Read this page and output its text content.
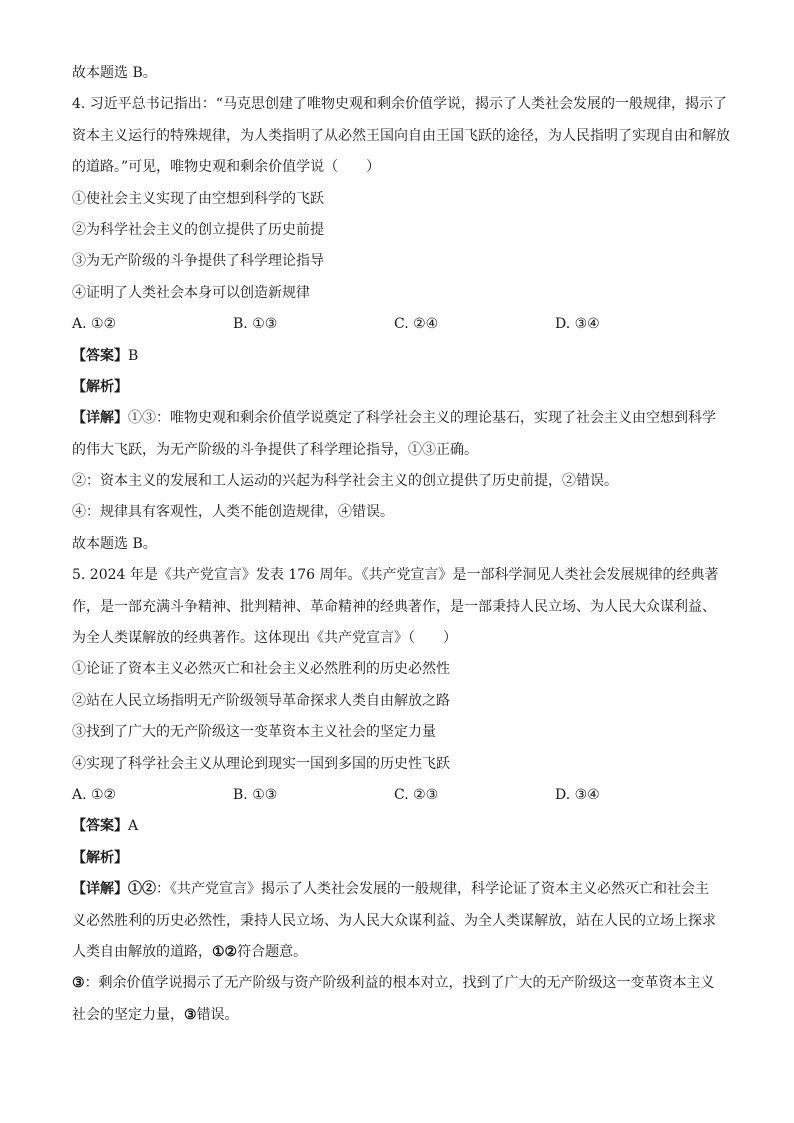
故本题选 B。
4. 习近平总书记指出：“马克思创建了唯物史观和剩余价值学说，揭示了人类社会发展的一般规律，揭示了
资本主义运行的特殊规律，为人类指明了从必然王国向自由王国飞跃的途径，为人民指明了实现自由和解放
的道路。”可见，唯物史观和剩余价值学说（　　）
①使社会主义实现了由空想到科学的飞跃
②为科学社会主义的创立提供了历史前提
③为无产阶级的斗争提供了科学理论指导
④证明了人类社会本身可以创造新规律
A. ①②	B. ①③	C. ②④	D. ③④
【答案】B
【解析】
【详解】①③：唯物史观和剩余价值学说奠定了科学社会主义的理论基石，实现了社会主义由空想到科学
的伟大飞跃，为无产阶级的斗争提供了科学理论指导，①③正确。
②：资本主义的发展和工人运动的兴起为科学社会主义的创立提供了历史前提，②错误。
④：规律具有客观性，人类不能创造规律，④错误。
故本题选 B。
5. 2024 年是《共产党宣言》发表 176 周年。《共产党宣言》是一部科学洞见人类社会发展规律的经典著
作，是一部充满斗争精神、批判精神、革命精神的经典著作，是一部秉持人民立场、为人民大众谋利益、
为全人类谋解放的经典著作。这体现出《共产党宣言》（　　）
①论证了资本主义必然灭亡和社会主义必然胜利的历史必然性
②站在人民立场指明无产阶级领导革命探求人类自由解放之路
③找到了广大的无产阶级这一变革资本主义社会的坚定力量
④实现了科学社会主义从理论到现实一国到多国的历史性飞跃
A. ①②	B. ①③	C. ②③	D. ③④
【答案】A
【解析】
【详解】①②：《共产党宣言》揭示了人类社会发展的一般规律，科学论证了资本主义必然灭亡和社会主
义必然胜利的历史必然性，秉持人民立场、为人民大众谋利益、为全人类谋解放，站在人民的立场上探求
人类自由解放的道路，①②符合题意。
③：剩余价值学说揭示了无产阶级与资产阶级利益的根本对立，找到了广大的无产阶级这一变革资本主义
社会的坚定力量，③错误。
